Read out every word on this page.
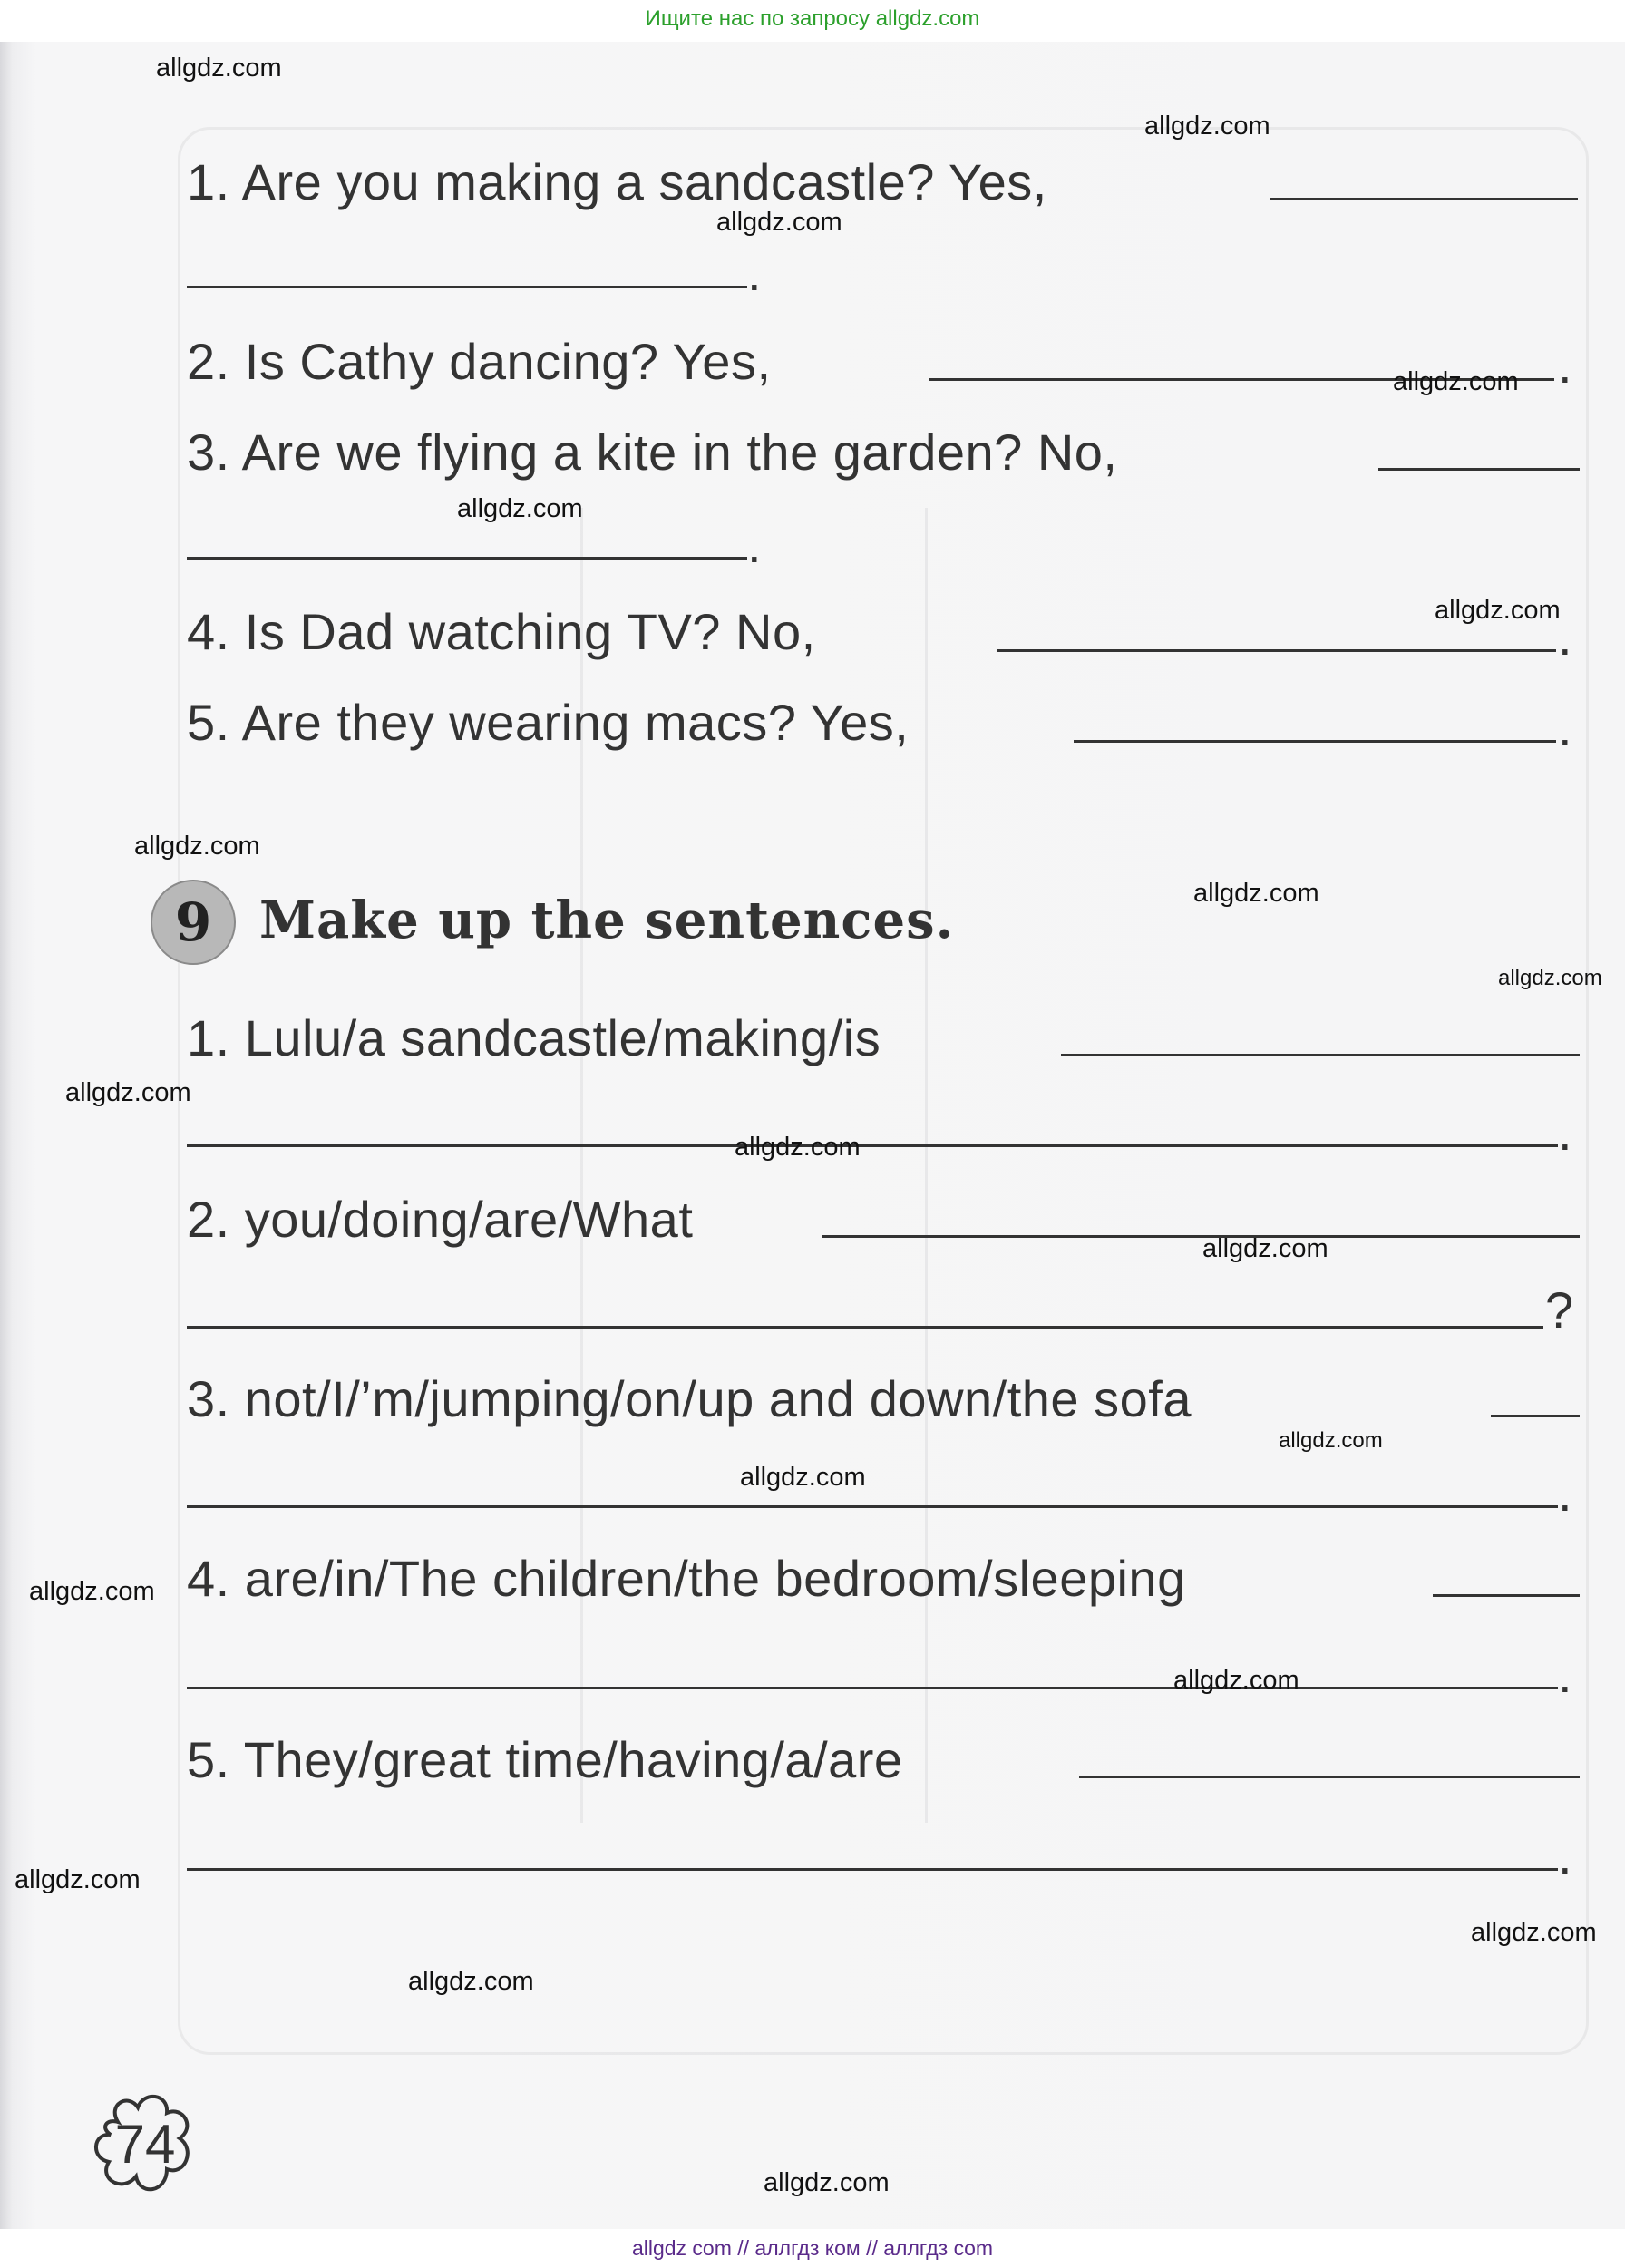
Ищите нас по запросу allgdz.com
1. Are you making a sandcastle? Yes,
.
2. Is Cathy dancing? Yes,	.
3. Are we flying a kite in the garden? No,
.
4. Is Dad watching TV? No,	.
5. Are they wearing macs? Yes,	.
9 Make up the sentences.
1. Lulu/a sandcastle/making/is
.
2. you/doing/are/What
?
3. not/I/’m/jumping/on/up and down/the sofa
.
4. are/in/The children/the bedroom/sleeping
.
5. They/great time/having/a/are
.
74
allgdz.com
allgdz.com
allgdz.com
allgdz.com
allgdz.com
allgdz.com
allgdz.com
allgdz.com
allgdz.com
allgdz.com
allgdz.com
allgdz.com
allgdz.com
allgdz.com
allgdz.com
allgdz.com
allgdz.com
allgdz.com
allgdz.com
allgdz.com
allgdz com // аллгдз ком // аллгдз com
